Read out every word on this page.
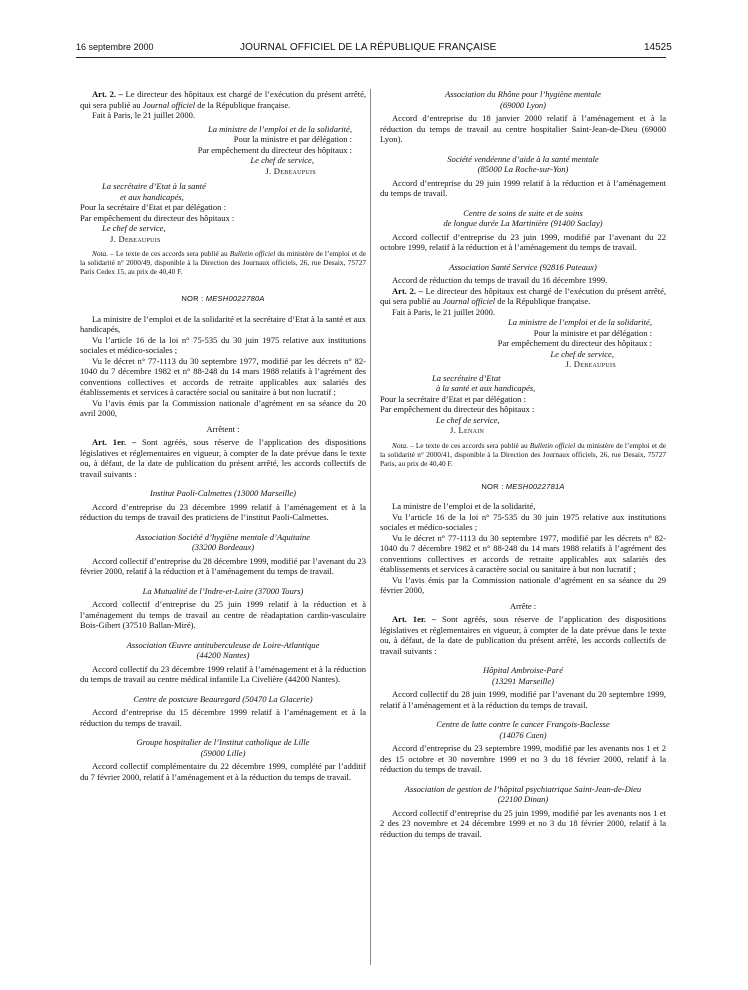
16 septembre 2000	JOURNAL OFFICIEL DE LA RÉPUBLIQUE FRANÇAISE	14525

Art. 2. – Le directeur des hôpitaux est chargé de l’exécution du présent arrêté, qui sera publié au Journal officiel de la République française.

Fait à Paris, le 21 juillet 2000.

La ministre de l’emploi et de la solidarité,

Pour la ministre et par délégation :

Par empêchement du directeur des hôpitaux :

Le chef de service,

J. Debeaupuis

La secrétaire d’Etat à la santé

et aux handicapés,

Pour la secrétaire d’Etat et par délégation :

Par empêchement du directeur des hôpitaux :

Le chef de service,

J. Debeaupuis

Nota. – Le texte de ces accords sera publié au Bulletin officiel du ministère de l’emploi et de la solidarité n° 2000/49, disponible à la Direction des Journaux officiels, 26, rue Desaix, 75727 Paris Cedex 15, au prix de 40,40 F.

NOR : MESH0022780A

La ministre de l’emploi et de la solidarité et la secrétaire d’Etat à la santé et aux handicapés,

Vu l’article 16 de la loi n° 75-535 du 30 juin 1975 relative aux institutions sociales et médico-sociales ;

Vu le décret n° 77-1113 du 30 septembre 1977, modifié par les décrets n° 82-1040 du 7 décembre 1982 et n° 88-248 du 14 mars 1988 relatifs à l’agrément des conventions collectives et accords de retraite applicables aux salariés des établissements et services à caractère social ou sanitaire à but non lucratif ;

Vu l’avis émis par la Commission nationale d’agrément en sa séance du 20 avril 2000,

Arrêtent :

Art. 1er. – Sont agréés, sous réserve de l’application des dispositions législatives et réglementaires en vigueur, à compter de la date prévue dans le texte ou, à défaut, de la date de publication du présent arrêté, les accords collectifs de travail suivants :

Institut Paoli-Calmettes (13000 Marseille)

Accord d’entreprise du 23 décembre 1999 relatif à l’aménagement et à la réduction du temps de travail des praticiens de l’institut Paoli-Calmettes.

Association Société d’hygiène mentale d’Aquitaine

(33200 Bordeaux)

Accord collectif d’entreprise du 28 décembre 1999, modifié par l’avenant du 23 février 2000, relatif à la réduction et à l’aménagement du temps de travail.

La Mutualité de l’Indre-et-Loire (37000 Tours)

Accord collectif d’entreprise du 25 juin 1999 relatif à la réduction et à l’aménagement du temps de travail au centre de réadaptation cardio-vasculaire Bois-Gibert (37510 Ballan-Miré).

Association Œuvre antituberculeuse de Loire-Atlantique

(44200 Nantes)

Accord collectif du 23 décembre 1999 relatif à l’aménagement et à la réduction du temps de travail au centre médical infantile La Civelière (44200 Nantes).

Centre de postcure Beauregard (50470 La Glacerie)

Accord d’entreprise du 15 décembre 1999 relatif à l’aménagement et à la réduction du temps de travail.

Groupe hospitalier de l’Institut catholique de Lille

(59000 Lille)

Accord collectif complémentaire du 22 décembre 1999, complété par l’additif du 7 février 2000, relatif à l’aménagement et à la réduction du temps de travail.

Association du Rhône pour l’hygiène mentale

(69000 Lyon)

Accord d’entreprise du 18 janvier 2000 relatif à l’aménagement et à la réduction du temps de travail au centre hospitalier Saint-Jean-de-Dieu (69000 Lyon).

Société vendéenne d’aide à la santé mentale

(85000 La Roche-sur-Yon)

Accord d’entreprise du 29 juin 1999 relatif à la réduction et à l’aménagement du temps de travail.

Centre de soins de suite et de soins

de longue durée La Martinière (91400 Saclay)

Accord collectif d’entreprise du 23 juin 1999, modifié par l’avenant du 22 octobre 1999, relatif à la réduction et à l’aménagement du temps de travail.

Association Santé Service (92816 Puteaux)

Accord de réduction du temps de travail du 16 décembre 1999.

Art. 2. – Le directeur des hôpitaux est chargé de l’exécution du présent arrêté, qui sera publié au Journal officiel de la République française.

Fait à Paris, le 21 juillet 2000.

La ministre de l’emploi et de la solidarité,

Pour la ministre et par délégation :

Par empêchement du directeur des hôpitaux :

Le chef de service,

J. Debeaupuis

La secrétaire d’Etat

à la santé et aux handicapés,

Pour la secrétaire d’Etat et par délégation :

Par empêchement du directeur des hôpitaux :

Le chef de service,

J. Lenain

Nota. – Le texte de ces accords sera publié au Bulletin officiel du ministère de l’emploi et de la solidarité n° 2000/41, disponible à la Direction des Journaux officiels, 26, rue Desaix, 75727 Paris, au prix de 40,40 F.

NOR : MESH0022781A

La ministre de l’emploi et de la solidarité,

Vu l’article 16 de la loi n° 75-535 du 30 juin 1975 relative aux institutions sociales et médico-sociales ;

Vu le décret n° 77-1113 du 30 septembre 1977, modifié par les décrets n° 82-1040 du 7 décembre 1982 et n° 88-248 du 14 mars 1988 relatifs à l’agrément des conventions collectives et accords de retraite applicables aux salariés des établissements et services à caractère social ou sanitaire à but non lucratif ;

Vu l’avis émis par la Commission nationale d’agrément en sa séance du 29 février 2000,

Arrête :

Art. 1er. – Sont agréés, sous réserve de l’application des dispositions législatives et réglementaires en vigueur, à compter de la date prévue dans le texte ou, à défaut, de la date de publication du présent arrêté, les accords collectifs de travail suivants :

Hôpital Ambroise-Paré

(13291 Marseille)

Accord collectif du 28 juin 1999, modifié par l’avenant du 20 septembre 1999, relatif à l’aménagement et à la réduction du temps de travail.

Centre de lutte contre le cancer François-Baclesse

(14076 Caen)

Accord d’entreprise du 23 septembre 1999, modifié par les avenants nos 1 et 2 des 15 octobre et 30 novembre 1999 et no 3 du 18 février 2000, relatif à la réduction du temps de travail.

Association de gestion de l’hôpital psychiatrique Saint-Jean-de-Dieu

(22100 Dinan)

Accord collectif d’entreprise du 25 juin 1999, modifié par les avenants nos 1 et 2 des 23 novembre et 24 décembre 1999 et no 3 du 18 février 2000, relatif à la réduction du temps de travail.
